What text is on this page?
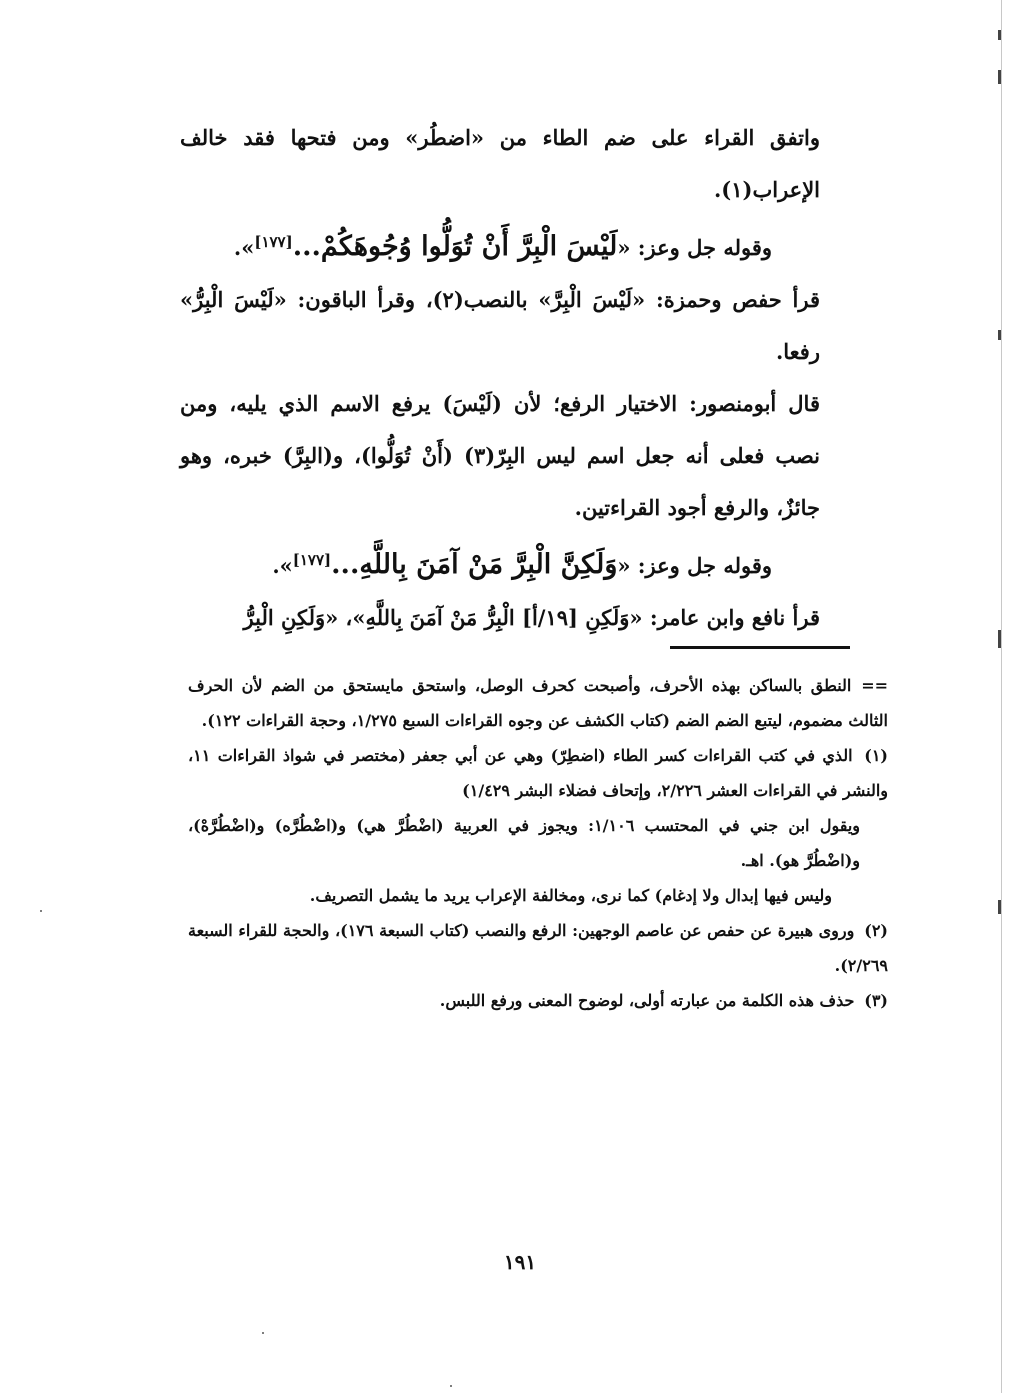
واتفق القراء على ضم الطاء من «اضطُر» ومن فتحها فقد خالف الإعراب(١).

وقوله جل وعز: «لَيْسَ الْبِرَّ أَنْ تُوَلُّوا وُجُوهَكُمْ...[١٧٧]».

قرأ حفص وحمزة: «لَيْسَ الْبِرَّ» بالنصب(٢)، وقرأ الباقون: «لَيْسَ الْبِرُّ» رفعا.

قال أبومنصور: الاختيار الرفع؛ لأن (لَيْسَ) يرفع الاسم الذي يليه، ومن نصب فعلى أنه جعل اسم ليس البِرّ(٣) (أَنْ تُوَلُّوا)، و(البِرَّ) خبره، وهو جائزٌ، والرفع أجود القراءتين.

وقوله جل وعز: «وَلَكِنَّ الْبِرَّ مَنْ آمَنَ بِاللَّهِ...[١٧٧]».

قرأ نافع وابن عامر: «وَلَكِنِ [١٩/أ] الْبِرُّ مَنْ آمَنَ بِاللَّهِ»، «وَلَكِنِ الْبِرُّ

== النطق بالساكن بهذه الأحرف، وأصبحت كحرف الوصل، واستحق مايستحق من الضم لأن الحرف الثالث مضموم، ليتبع الضم الضم (كتاب الكشف عن وجوه القراءات السبع ١/٢٧٥، وحجة القراءات ١٢٢).

(١) الذي في كتب القراءات كسر الطاء (اضطِرّ) وهي عن أبي جعفر (مختصر في شواذ القراءات ١١، والنشر في القراءات العشر ٢/٢٢٦، وإتحاف فضلاء البشر ١/٤٢٩)

ويقول ابن جني في المحتسب ١/١٠٦: ويجوز في العربية (اضْطُرَّ هي) و(اضْطُرَّه) و(اضْطُرَّهْ)، و(اضْطُرَّ هو). اهـ.

وليس فيها إبدال ولا إدغام) كما نرى، ومخالفة الإعراب يريد ما يشمل التصريف.

(٢) وروى هبيرة عن حفص عن عاصم الوجهين: الرفع والنصب (كتاب السبعة ١٧٦)، والحجة للقراء السبعة ٢/٢٦٩).

(٣) حذف هذه الكلمة من عبارته أولى، لوضوح المعنى ورفع اللبس.

١٩١
